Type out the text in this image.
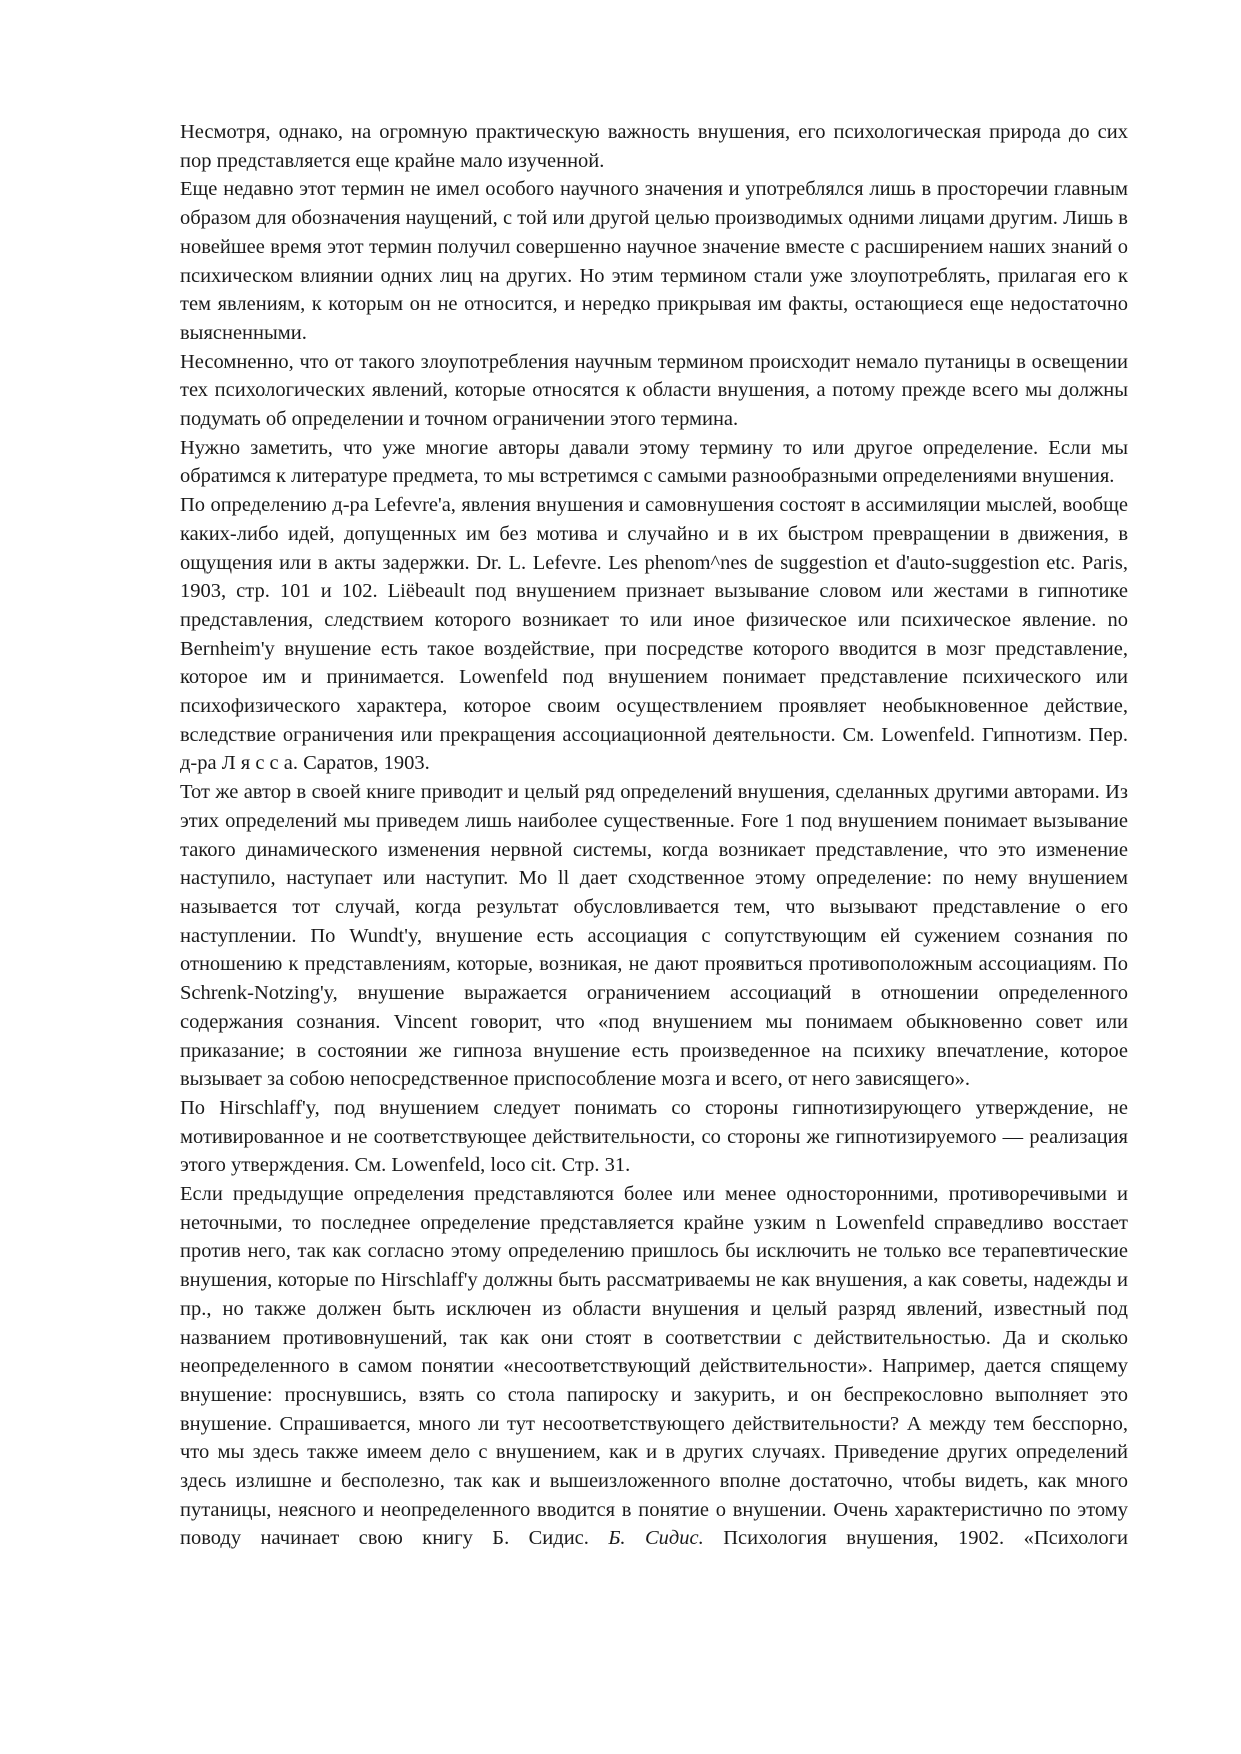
Несмотря, однако, на огромную практическую важность внушения, его психологическая природа до сих пор представляется еще крайне мало изученной.

Еще недавно этот термин не имел особого научного значения и употреблялся лишь в просторечии главным образом для обозначения наущений, с той или другой целью производимых одними лицами другим. Лишь в новейшее время этот термин получил совершенно научное значение вместе с расширением наших знаний о психическом влиянии одних лиц на других. Но этим термином стали уже злоупотреблять, прилагая его к тем явлениям, к которым он не относится, и нередко прикрывая им факты, остающиеся еще недостаточно выясненными.

Несомненно, что от такого злоупотребления научным термином происходит немало путаницы в освещении тех психологических явлений, которые относятся к области внушения, а потому прежде всего мы должны подумать об определении и точном ограничении этого термина.

Нужно заметить, что уже многие авторы давали этому термину то или другое определение. Если мы обратимся к литературе предмета, то мы встретимся с самыми разнообразными определениями внушения.

По определению д-ра Lefevre'a, явления внушения и самовнушения состоят в ассимиляции мыслей, вообще каких-либо идей, допущенных им без мотива и случайно и в их быстром превращении в движения, в ощущения или в акты задержки. Dr. L. Lefevre. Les phenom^nes de suggestion et d'auto-suggestion etc. Paris, 1903, стр. 101 и 102. Liëbeault под внушением признает вызывание словом или жестами в гипнотике представления, следствием которого возникает то или иное физическое или психическое явление. no Bernheim'y внушение есть такое воздействие, при посредстве которого вводится в мозг представление, которое им и принимается. Lowenfeld под внушением понимает представление психического или психофизического характера, которое своим осуществлением проявляет необыкновенное действие, вследствие ограничения или прекращения ассоциационной деятельности. См. Lowenfeld. Гипнотизм. Пер. д-ра Л я с с а. Саратов, 1903.

Тот же автор в своей книге приводит и целый ряд определений внушения, сделанных другими авторами. Из этих определений мы приведем лишь наиболее существенные. Fore 1 под внушением понимает вызывание такого динамического изменения нервной системы, когда возникает представление, что это изменение наступило, наступает или наступит. Mo ll дает сходственное этому определение: по нему внушением называется тот случай, когда результат обусловливается тем, что вызывают представление о его наступлении. По Wundt'y, внушение есть ассоциация с сопутствующим ей сужением сознания по отношению к представлениям, которые, возникая, не дают проявиться противоположным ассоциациям. По Schrenk-Notzing'y, внушение выражается ограничением ассоциаций в отношении определенного содержания сознания. Vincent говорит, что «под внушением мы понимаем обыкновенно совет или приказание; в состоянии же гипноза внушение есть произведенное на психику впечатление, которое вызывает за собою непосредственное приспособление мозга и всего, от него зависящего».

По Hirschlaff'y, под внушением следует понимать со стороны гипнотизирующего утверждение, не мотивированное и не соответствующее действительности, со стороны же гипнотизируемого — реализация этого утверждения. См. Lowenfeld, loco cit. Стр. 31.

Если предыдущие определения представляются более или менее односторонними, противоречивыми и неточными, то последнее определение представляется крайне узким n Lowenfeld справедливо восстает против него, так как согласно этому определению пришлось бы исключить не только все терапевтические внушения, которые по Hirschlaff'y должны быть рассматриваемы не как внушения, а как советы, надежды и пр., но также должен быть исключен из области внушения и целый разряд явлений, известный под названием противовнушений, так как они стоят в соответствии с действительностью. Да и сколько неопределенного в самом понятии «несоответствующий действительности». Например, дается спящему внушение: проснувшись, взять со стола папироску и закурить, и он беспрекословно выполняет это внушение. Спрашивается, много ли тут несоответствующего действительности? А между тем бесспорно, что мы здесь также имеем дело с внушением, как и в других случаях. Приведение других определений здесь излишне и бесполезно, так как и вышеизложенного вполне достаточно, чтобы видеть, как много путаницы, неясного и неопределенного вводится в понятие о внушении. Очень характеристично по этому поводу начинает свою книгу Б. Сидис. Б. Сидис. Психология внушения, 1902. «Психологи
